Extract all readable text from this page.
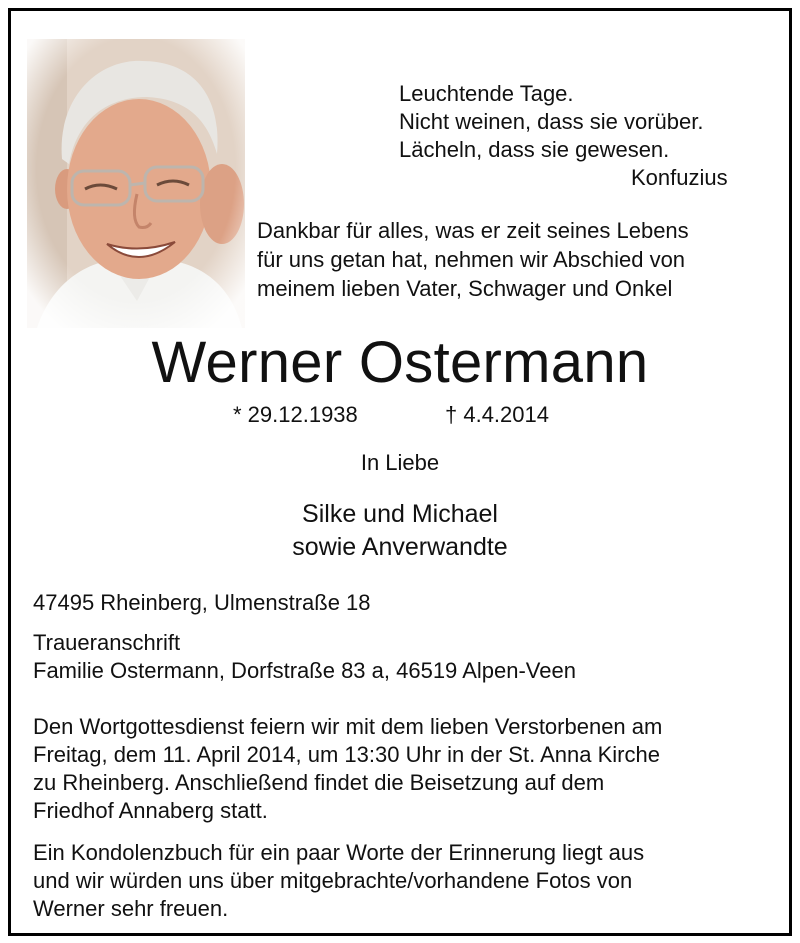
Leuchtende Tage.
Nicht weinen, dass sie vorüber.
Lächeln, dass sie gewesen.
Konfuzius
Dankbar für alles, was er zeit seines Lebens
für uns getan hat, nehmen wir Abschied von
meinem lieben Vater, Schwager und Onkel
Werner Ostermann
* 29.12.1938	† 4.4.2014
In Liebe
Silke und Michael
sowie Anverwandte
47495 Rheinberg, Ulmenstraße 18
Traueranschrift
Familie Ostermann, Dorfstraße 83 a, 46519 Alpen-Veen
Den Wortgottesdienst feiern wir mit dem lieben Verstorbenen am
Freitag, dem 11. April 2014, um 13:30 Uhr in der St. Anna Kirche
zu Rheinberg. Anschließend findet die Beisetzung auf dem
Friedhof Annaberg statt.
Ein Kondolenzbuch für ein paar Worte der Erinnerung liegt aus
und wir würden uns über mitgebrachte/vorhandene Fotos von
Werner sehr freuen.
